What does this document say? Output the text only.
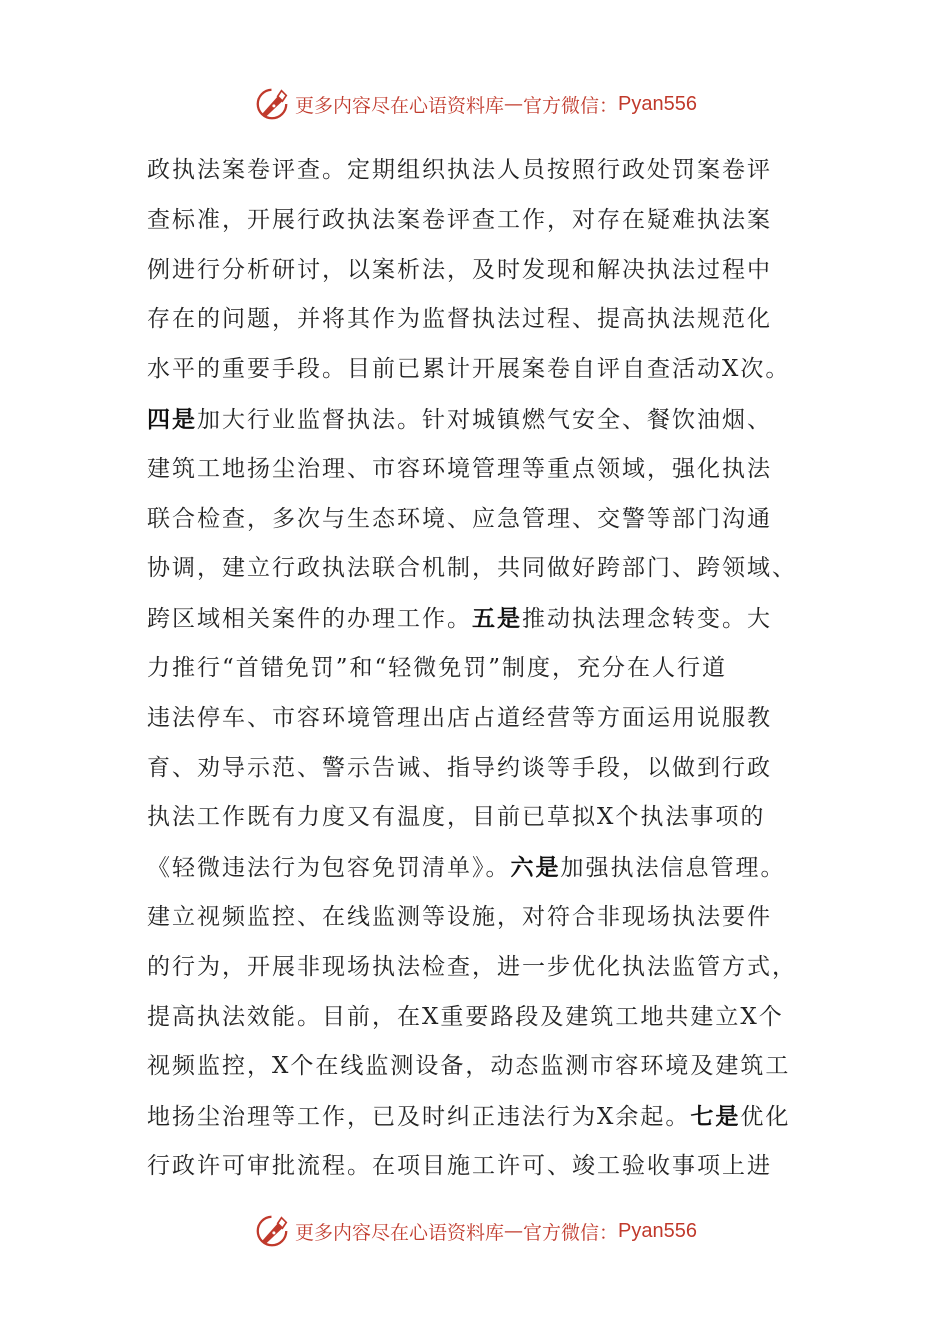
更多内容尽在心语资料库 — 官方微信： Pyan556
政执法案卷评查。定期组织执法人员按照行政处罚案卷评
查标准，开展行政执法案卷评查工作，对存在疑难执法案
例进行分析研讨，以案析法，及时发现和解决执法过程中
存在的问题，并将其作为监督执法过程、提高执法规范化
水平的重要手段。目前已累计开展案卷自评自查活动X次。
四是加大行业监督执法。针对城镇燃气安全、餐饮油烟、
建筑工地扬尘治理、市容环境管理等重点领域，强化执法
联合检查，多次与生态环境、应急管理、交警等部门沟通
协调，建立行政执法联合机制，共同做好跨部门、跨领域、
跨区域相关案件的办理工作。五是推动执法理念转变。大
力推行“首错免罚”和“轻微免罚”制度，充分在人行道
违法停车、市容环境管理出店占道经营等方面运用说服教
育、劝导示范、警示告诫、指导约谈等手段，以做到行政
执法工作既有力度又有温度，目前已草拟X个执法事项的
《轻微违法行为包容免罚清单》。六是加强执法信息管理。
建立视频监控、在线监测等设施，对符合非现场执法要件
的行为，开展非现场执法检查，进一步优化执法监管方式，
提高执法效能。目前，在X重要路段及建筑工地共建立X个
视频监控，X个在线监测设备，动态监测市容环境及建筑工
地扬尘治理等工作，已及时纠正违法行为X余起。七是优化
行政许可审批流程。在项目施工许可、竣工验收事项上进
更多内容尽在心语资料库 — 官方微信： Pyan556
